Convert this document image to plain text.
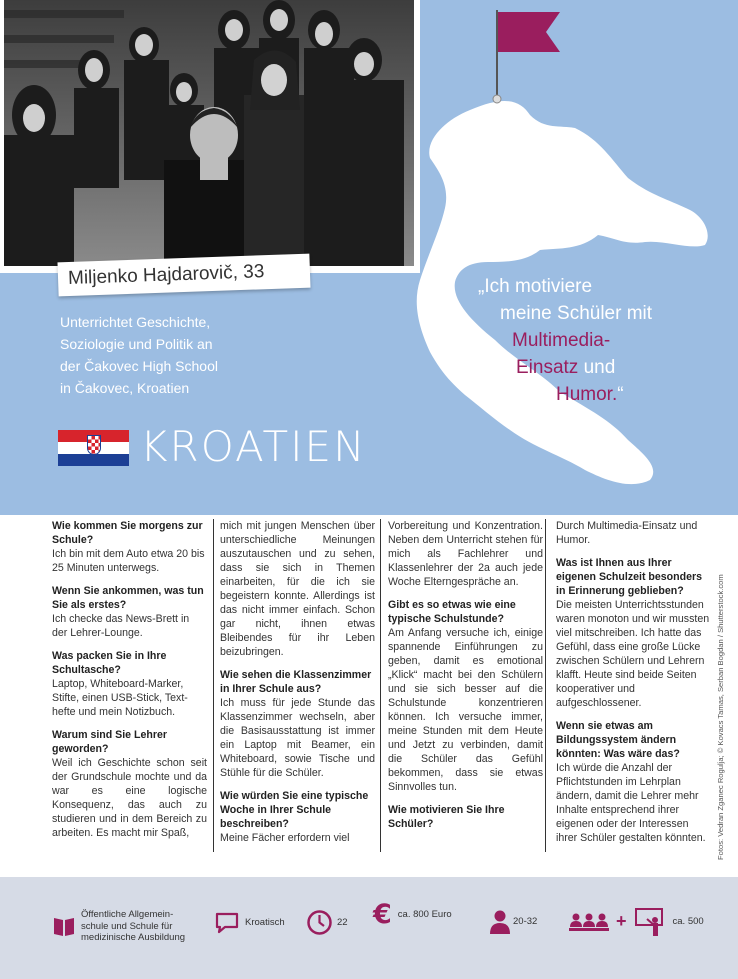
Miljenko Hajdarovič, 33
Unterrichtet Geschichte,
Soziologie und Politik an
der Čakovec High School
in Čakovec, Kroatien
KROATIEN
„Ich motiviere
meine Schüler mit
Multimedia-
Einsatz und
Humor.“

Wie kommen Sie morgens zur Schule?

Ich bin mit dem Auto etwa 20 bis 25 Minuten unterwegs.

Wenn Sie ankommen, was tun Sie als erstes?

Ich checke das News-Brett in der Lehrer-Lounge.

Was packen Sie in Ihre Schultasche?

Laptop, Whiteboard-Marker, Stifte, einen USB-Stick, Text-hefte und mein Notizbuch.

Warum sind Sie Lehrer geworden?

Weil ich Geschichte schon seit der Grundschule mochte und da war es eine logische Konsequenz, das auch zu studieren und in dem Bereich zu arbeiten. Es macht mir Spaß,

mich mit jungen Menschen über unterschiedliche Meinungen auszutauschen und zu sehen, dass sie sich in Themen einarbeiten, für die ich sie begeistern konnte. Allerdings ist das nicht immer einfach. Schon gar nicht, ihnen etwas Bleibendes für ihr Leben beizubringen.

Wie sehen die Klassenzimmer in Ihrer Schule aus?

Ich muss für jede Stunde das Klassenzimmer wechseln, aber die Basisausstattung ist immer ein Laptop mit Beamer, ein Whiteboard, sowie Tische und Stühle für die Schüler.

Wie würden Sie eine typische Woche in Ihrer Schule beschreiben?

Meine Fächer erfordern viel

Vorbereitung und Konzentration. Neben dem Unterricht stehen für mich als Fachlehrer und Klassenlehrer der 2a auch jede Woche Elterngespräche an.

Gibt es so etwas wie eine typische Schulstunde?

Am Anfang versuche ich, einige spannende Einführungen zu geben, damit es emotional „Klick“ macht bei den Schülern und sie sich besser auf die Schulstunde konzentrieren können. Ich versuche immer, meine Stunden mit dem Heute und Jetzt zu verbinden, damit die Schüler das Gefühl bekommen, dass sie etwas Sinnvolles tun.

Wie motivieren Sie Ihre Schüler?

Durch Multimedia-Einsatz und Humor.

Was ist Ihnen aus Ihrer eigenen Schulzeit besonders in Erinnerung geblieben?

Die meisten Unterrichtsstunden waren monoton und wir mussten viel mitschreiben. Ich hatte das Gefühl, dass eine große Lücke zwischen Schülern und Lehrern klafft. Heute sind beide Seiten kooperativer und aufgeschlossener.

Wenn sie etwas am Bildungssystem ändern könnten: Was wäre das?

Ich würde die Anzahl der Pflichtstunden im Lehrplan ändern, damit die Lehrer mehr Inhalte entsprechend ihrer eigenen oder der Interessen ihrer Schüler gestalten könnten.	Fotos: Vedran Zganec Rogulja; © Kovacs Tamas, Serban Bogdan / Shutterstock.com
Öffentliche Allgemein-
schule und Schule für
medizinische Ausbildung
Kroatisch	22 € ca. 800 Euro
20-32	+	ca. 500
